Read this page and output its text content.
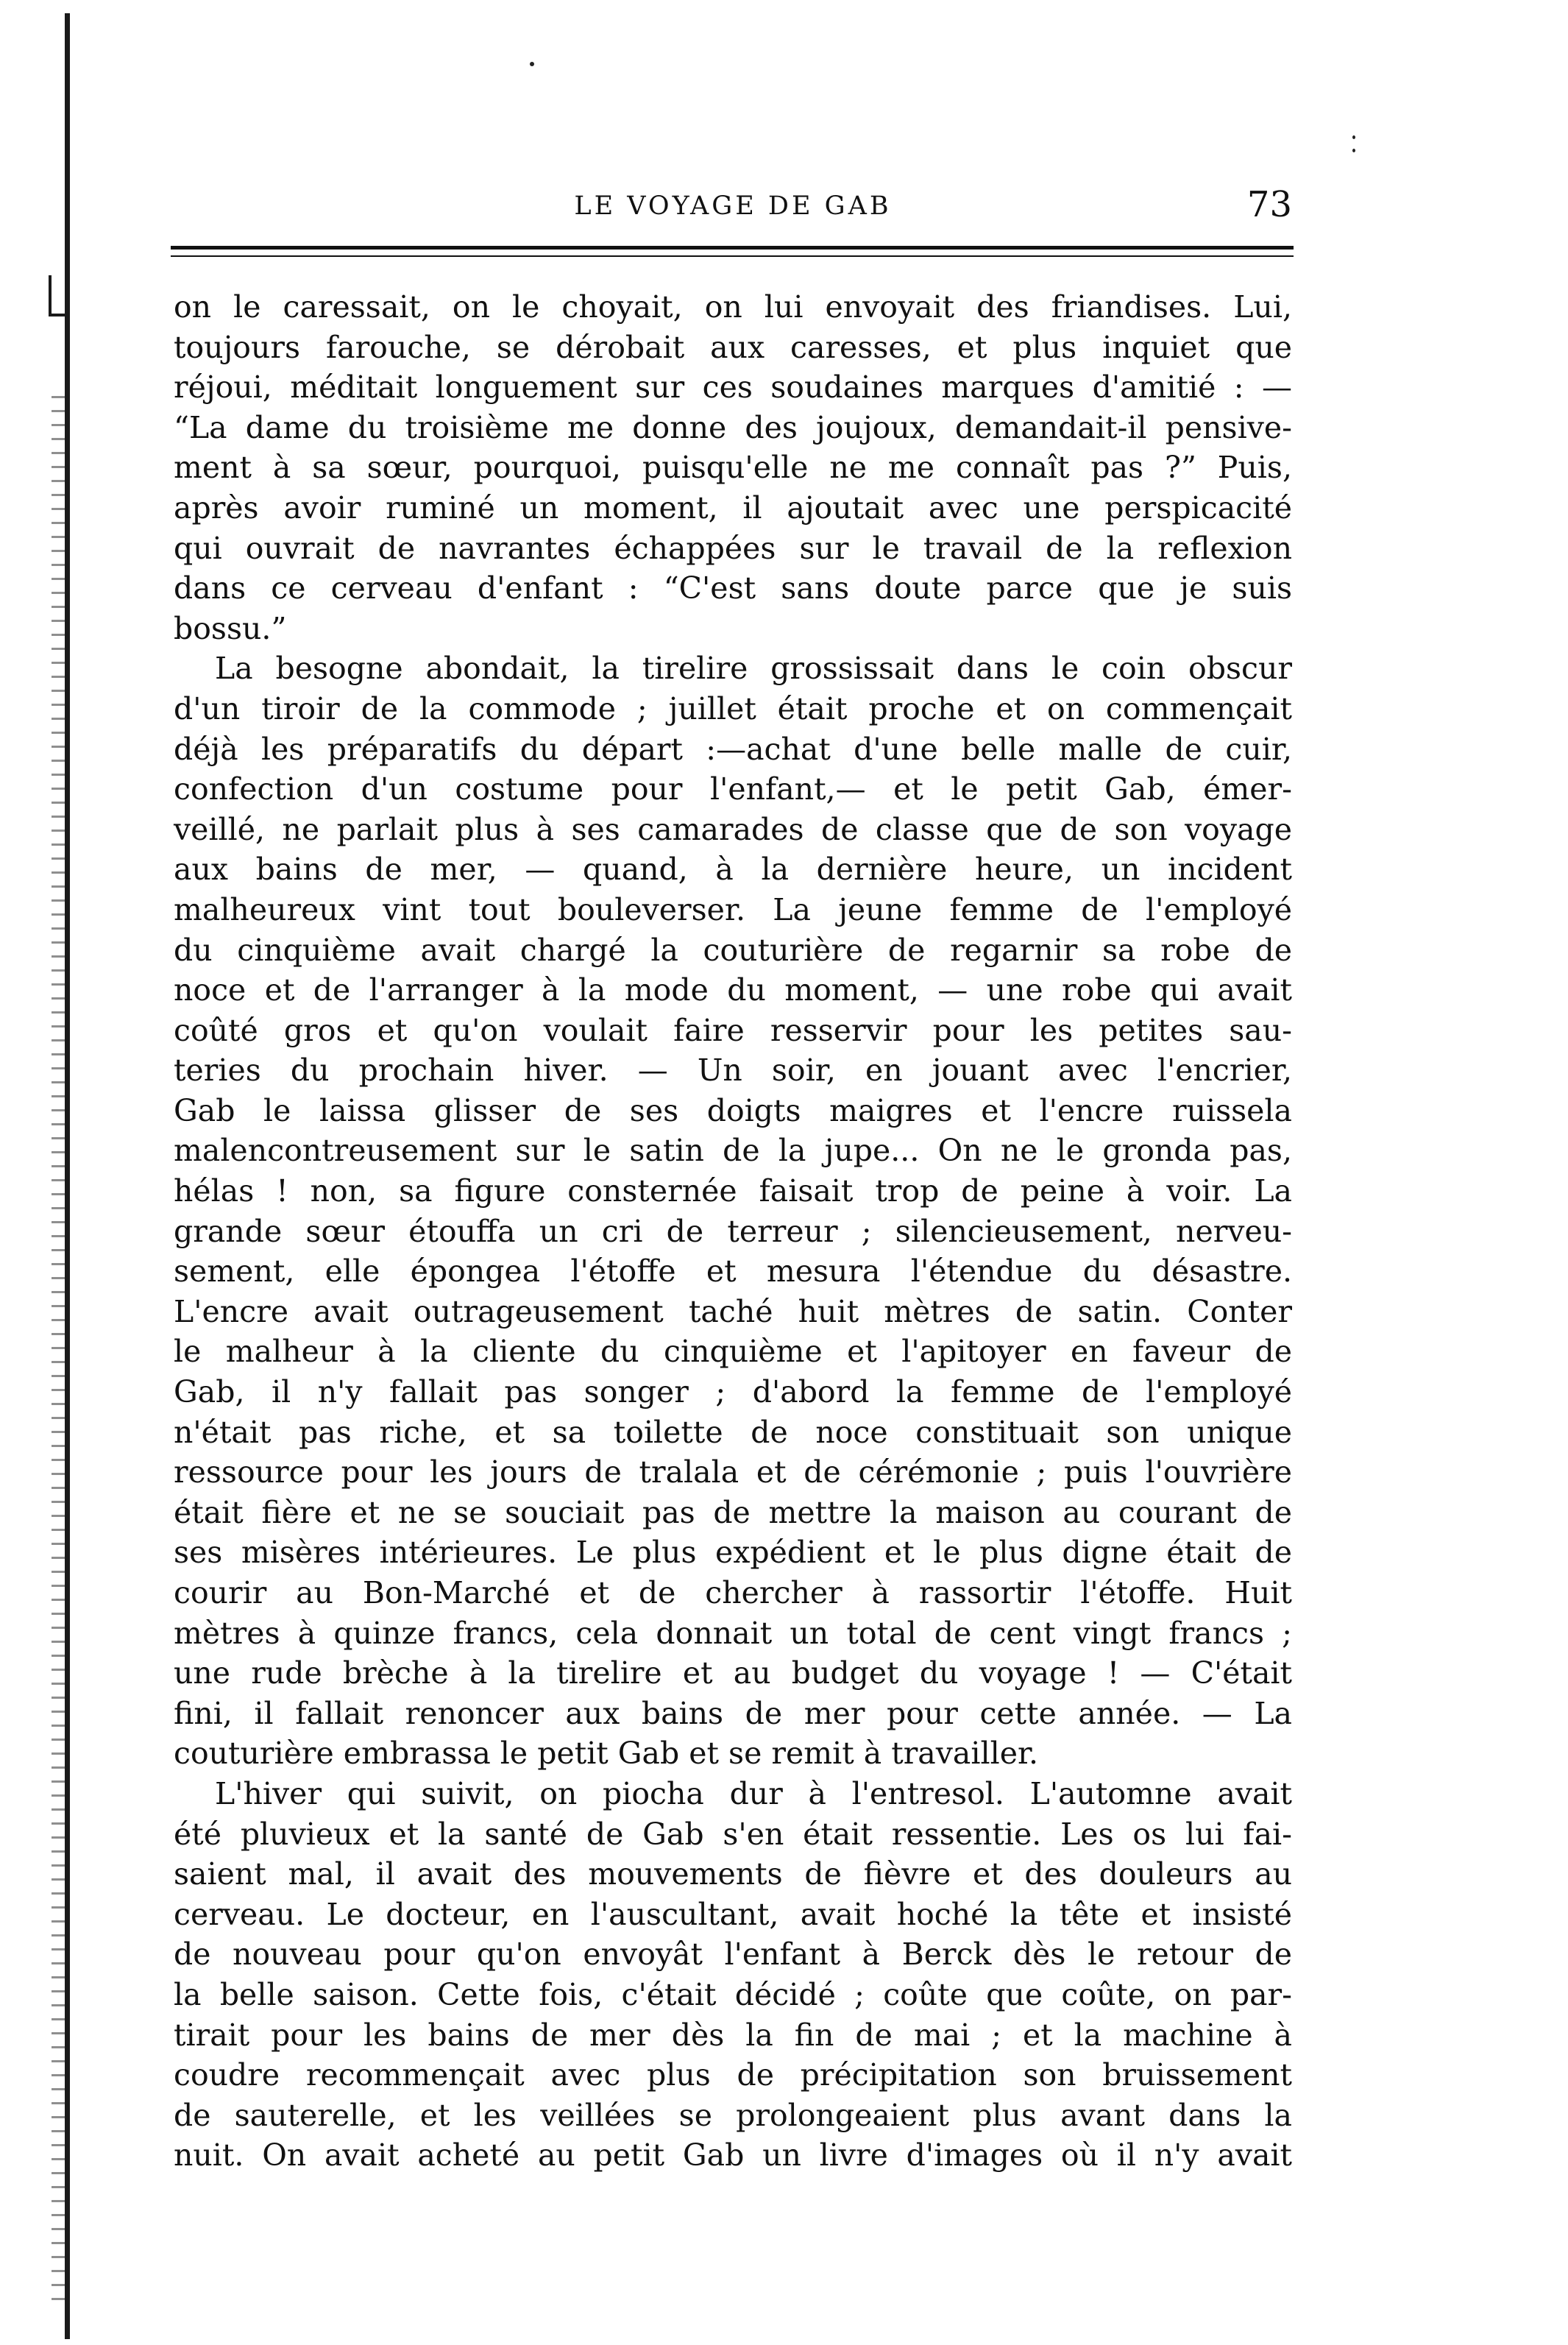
LE VOYAGE DE GAB	73
on le caressait, on le choyait, on lui envoyait des friandises. Lui,
toujours farouche, se dérobait aux caresses, et plus inquiet que
réjoui, méditait longuement sur ces soudaines marques d'amitié : —
“La dame du troisième me donne des joujoux, demandait-il pensive-
ment à sa sœur, pourquoi, puisqu'elle ne me connaît pas ?” Puis,
après avoir ruminé un moment, il ajoutait avec une perspicacité
qui ouvrait de navrantes échappées sur le travail de la reflexion
dans ce cerveau d'enfant : “C'est sans doute parce que je suis
bossu.”
La besogne abondait, la tirelire grossissait dans le coin obscur
d'un tiroir de la commode ; juillet était proche et on commençait
déjà les préparatifs du départ :—achat d'une belle malle de cuir,
confection d'un costume pour l'enfant,— et le petit Gab, émer-
veillé, ne parlait plus à ses camarades de classe que de son voyage
aux bains de mer, — quand, à la dernière heure, un incident
malheureux vint tout bouleverser. La jeune femme de l'employé
du cinquième avait chargé la couturière de regarnir sa robe de
noce et de l'arranger à la mode du moment, — une robe qui avait
coûté gros et qu'on voulait faire resservir pour les petites sau-
teries du prochain hiver. — Un soir, en jouant avec l'encrier,
Gab le laissa glisser de ses doigts maigres et l'encre ruissela
malencontreusement sur le satin de la jupe... On ne le gronda pas,
hélas ! non, sa figure consternée faisait trop de peine à voir. La
grande sœur étouffa un cri de terreur ; silencieusement, nerveu-
sement, elle épongea l'étoffe et mesura l'étendue du désastre.
L'encre avait outrageusement taché huit mètres de satin. Conter
le malheur à la cliente du cinquième et l'apitoyer en faveur de
Gab, il n'y fallait pas songer ; d'abord la femme de l'employé
n'était pas riche, et sa toilette de noce constituait son unique
ressource pour les jours de tralala et de cérémonie ; puis l'ouvrière
était fière et ne se souciait pas de mettre la maison au courant de
ses misères intérieures. Le plus expédient et le plus digne était de
courir au Bon-Marché et de chercher à rassortir l'étoffe. Huit
mètres à quinze francs, cela donnait un total de cent vingt francs ;
une rude brèche à la tirelire et au budget du voyage ! — C'était
fini, il fallait renoncer aux bains de mer pour cette année. — La
couturière embrassa le petit Gab et se remit à travailler.
L'hiver qui suivit, on piocha dur à l'entresol. L'automne avait
été pluvieux et la santé de Gab s'en était ressentie. Les os lui fai-
saient mal, il avait des mouvements de fièvre et des douleurs au
cerveau. Le docteur, en l'auscultant, avait hoché la tête et insisté
de nouveau pour qu'on envoyât l'enfant à Berck dès le retour de
la belle saison. Cette fois, c'était décidé ; coûte que coûte, on par-
tirait pour les bains de mer dès la fin de mai ; et la machine à
coudre recommençait avec plus de précipitation son bruissement
de sauterelle, et les veillées se prolongeaient plus avant dans la
nuit. On avait acheté au petit Gab un livre d'images où il n'y avait
